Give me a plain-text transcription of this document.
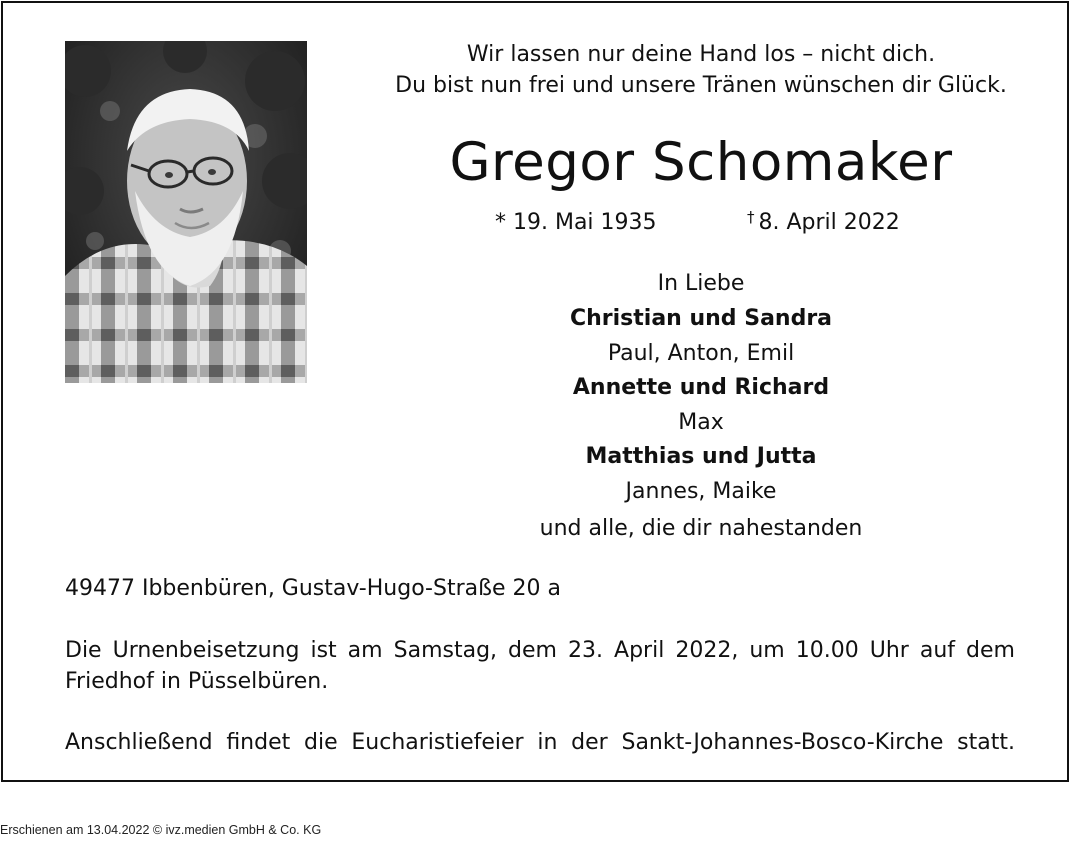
Wir lassen nur deine Hand los – nicht dich.
Du bist nun frei und unsere Tränen wünschen dir Glück.
Gregor Schomaker
* 19. Mai 1935	† 8. April 2022
In Liebe
Christian und Sandra
Paul, Anton, Emil
Annette und Richard
Max
Matthias und Jutta
Jannes, Maike
und alle, die dir nahestanden
49477 Ibbenbüren, Gustav-Hugo-Straße 20 a
Die Urnenbeisetzung ist am Samstag, dem 23. April 2022, um 10.00 Uhr auf dem Friedhof in Püsselbüren.
Anschließend findet die Eucharistiefeier in der Sankt-Johannes-Bosco-Kirche statt.
Erschienen am 13.04.2022 © ivz.medien GmbH & Co. KG
